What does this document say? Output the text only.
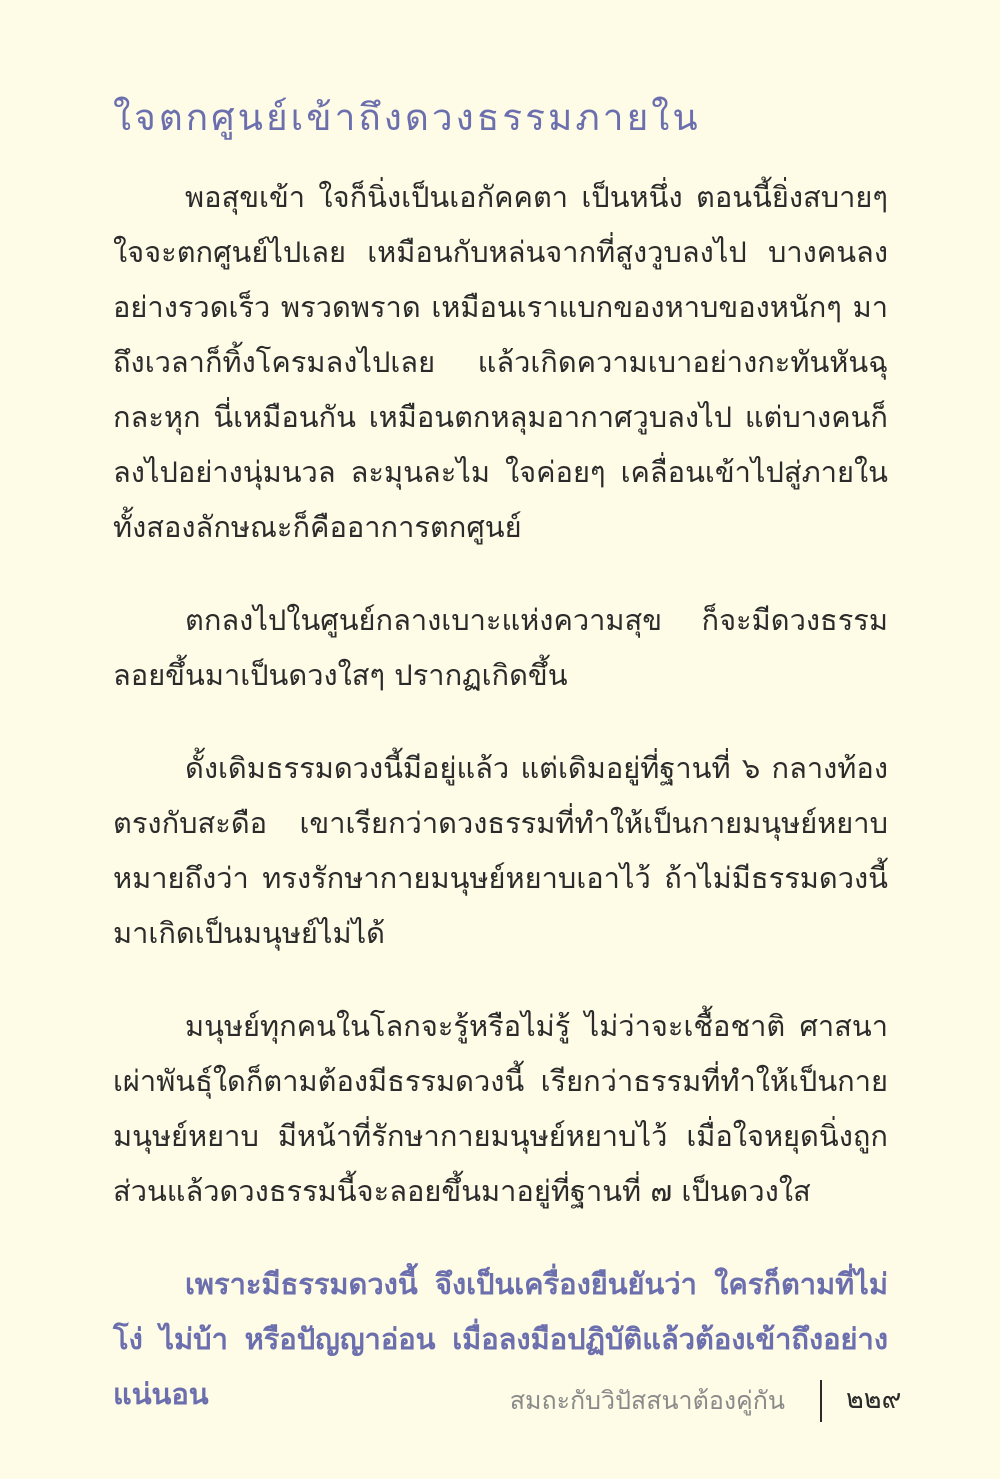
ใจตกศูนย์เข้าถึงดวงธรรมภายใน

พอสุขเข้า ใจก็นิ่งเป็นเอกัคคตา เป็นหนึ่ง ตอนนี้ยิ่งสบายๆ ใจจะตกศูนย์ไปเลย เหมือนกับหล่นจากที่สูงวูบลงไป บางคนลงอย่างรวดเร็ว พรวดพราด เหมือนเราแบกของหาบของหนักๆ มาถึงเวลาก็ทิ้งโครมลงไปเลย แล้วเกิดความเบาอย่างกะทันหันฉุกละหุก นี่เหมือนกัน เหมือนตกหลุมอากาศวูบลงไป แต่บางคนก็ลงไปอย่างนุ่มนวล ละมุนละไม ใจค่อยๆ เคลื่อนเข้าไปสู่ภายในทั้งสองลักษณะก็คืออาการตกศูนย์

ตกลงไปในศูนย์กลางเบาะแห่งความสุข ก็จะมีดวงธรรมลอยขึ้นมาเป็นดวงใสๆ ปรากฏเกิดขึ้น

ดั้งเดิมธรรมดวงนี้มีอยู่แล้ว แต่เดิมอยู่ที่ฐานที่ ๖ กลางท้องตรงกับสะดือ เขาเรียกว่าดวงธรรมที่ทำให้เป็นกายมนุษย์หยาบหมายถึงว่า ทรงรักษากายมนุษย์หยาบเอาไว้ ถ้าไม่มีธรรมดวงนี้มาเกิดเป็นมนุษย์ไม่ได้

มนุษย์ทุกคนในโลกจะรู้หรือไม่รู้ ไม่ว่าจะเชื้อชาติ ศาสนาเผ่าพันธุ์ใดก็ตามต้องมีธรรมดวงนี้ เรียกว่าธรรมที่ทำให้เป็นกายมนุษย์หยาบ มีหน้าที่รักษากายมนุษย์หยาบไว้ เมื่อใจหยุดนิ่งถูกส่วนแล้วดวงธรรมนี้จะลอยขึ้นมาอยู่ที่ฐานที่ ๗ เป็นดวงใส

เพราะมีธรรมดวงนี้ จึงเป็นเครื่องยืนยันว่า ใครก็ตามที่ไม่โง่ ไม่บ้า หรือปัญญาอ่อน เมื่อลงมือปฏิบัติแล้วต้องเข้าถึงอย่างแน่นอน	สมถะกับวิปัสสนาต้องคู่กัน ๒๒๙
